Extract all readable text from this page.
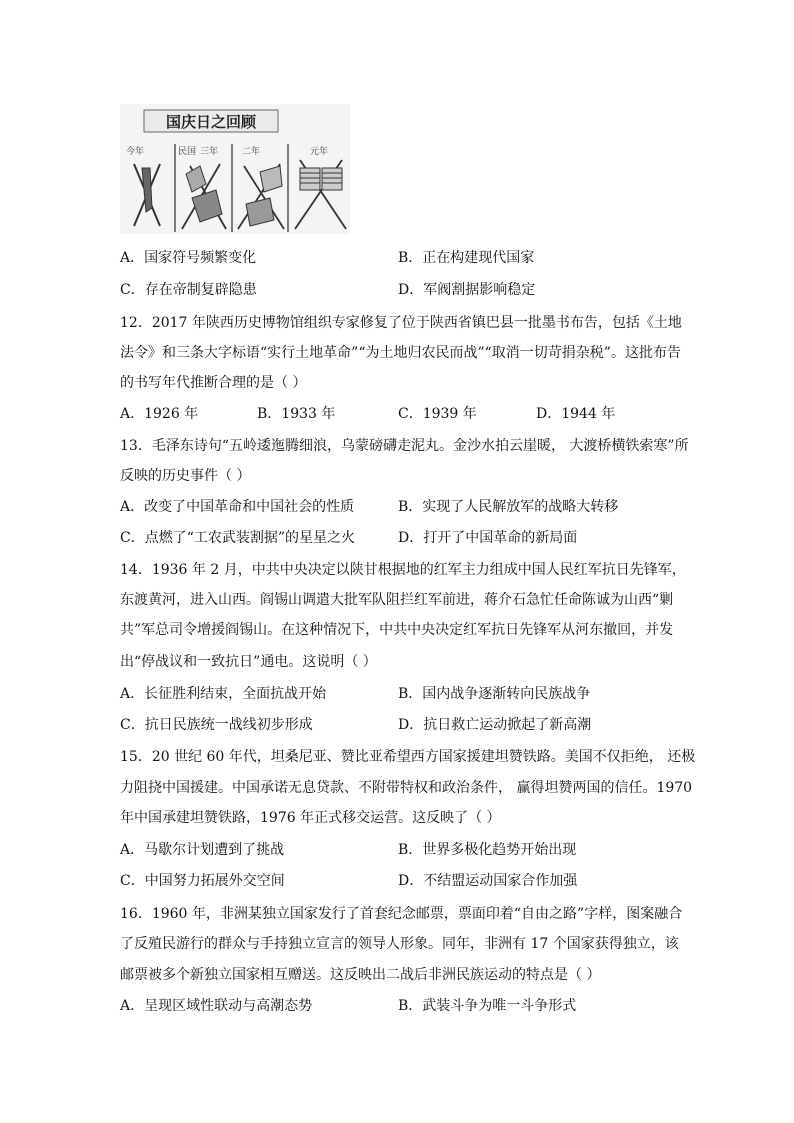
国庆日之回顾
今年	民国 三年	二年	元年
A．国家符号频繁变化	B．正在构建现代国家
C．存在帝制复辟隐患	D．军阀割据影响稳定
12．2017 年陕西历史博物馆组织专家修复了位于陕西省镇巴县一批墨书布告，包括《土地
法令》和三条大字标语“实行土地革命”“为土地归农民而战”“取消一切苛捐杂税”。这批布告
的书写年代推断合理的是（ ）
A．1926 年	B．1933 年	C．1939 年	D．1944 年
13．毛泽东诗句“五岭逶迤腾细浪，乌蒙磅礴走泥丸。金沙水拍云崖暖， 大渡桥横铁索寒”所
反映的历史事件（ ）
A．改变了中国革命和中国社会的性质	B．实现了人民解放军的战略大转移
C．点燃了“工农武装割据”的星星之火	D．打开了中国革命的新局面
14．1936 年 2 月，中共中央决定以陕甘根据地的红军主力组成中国人民红军抗日先锋军，
东渡黄河，进入山西。阎锡山调遣大批军队阻拦红军前进，蒋介石急忙任命陈诚为山西“剿
共”军总司令增援阎锡山。在这种情况下，中共中央决定红军抗日先锋军从河东撤回，并发
出“停战议和一致抗日”通电。这说明（ ）
A．长征胜利结束，全面抗战开始	B．国内战争逐渐转向民族战争
C．抗日民族统一战线初步形成	D．抗日救亡运动掀起了新高潮
15．20 世纪 60 年代，坦桑尼亚、赞比亚希望西方国家援建坦赞铁路。美国不仅拒绝， 还极
力阻挠中国援建。中国承诺无息贷款、不附带特权和政治条件， 赢得坦赞两国的信任。1970
年中国承建坦赞铁路，1976 年正式移交运营。这反映了（ ）
A．马歇尔计划遭到了挑战	B．世界多极化趋势开始出现
C．中国努力拓展外交空间	D．不结盟运动国家合作加强
16．1960 年，非洲某独立国家发行了首套纪念邮票，票面印着“自由之路”字样，图案融合
了反殖民游行的群众与手持独立宣言的领导人形象。同年，非洲有 17 个国家获得独立，该
邮票被多个新独立国家相互赠送。这反映出二战后非洲民族运动的特点是（ ）
A．呈现区域性联动与高潮态势	B．武装斗争为唯一斗争形式
